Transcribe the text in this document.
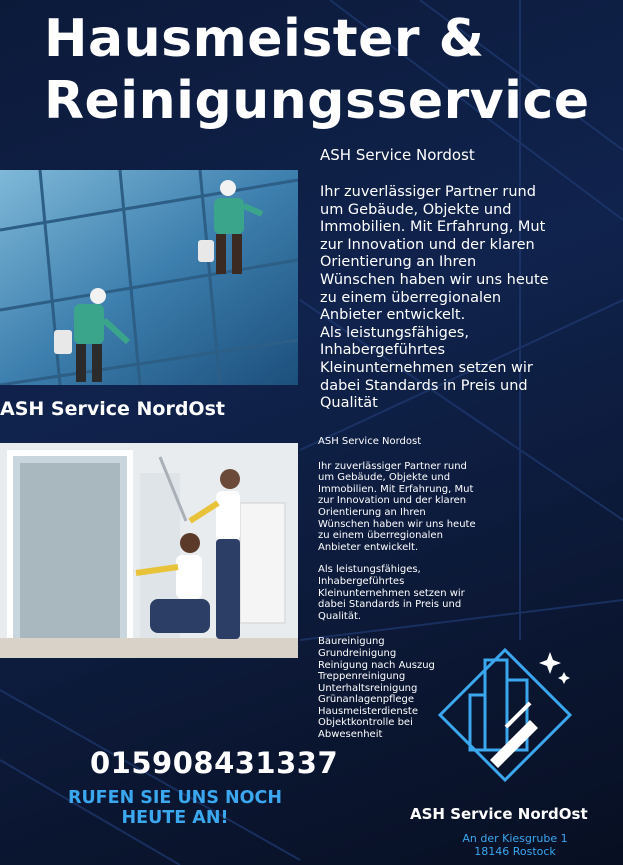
Hausmeister &
Reinigungsservice
ASH Service NordOst
ASH Service Nordost
Ihr zuverlässiger Partner rund
um Gebäude, Objekte und
Immobilien. Mit Erfahrung, Mut
zur Innovation und der klaren
Orientierung an Ihren
Wünschen haben wir uns heute
zu einem überregionalen
Anbieter entwickelt.
Als leistungsfähiges,
Inhabergeführtes
Kleinunternehmen setzen wir
dabei Standards in Preis und
Qualität
ASH Service Nordost
Ihr zuverlässiger Partner rund
um Gebäude, Objekte und
Immobilien. Mit Erfahrung, Mut
zur Innovation und der klaren
Orientierung an Ihren
Wünschen haben wir uns heute
zu einem überregionalen
Anbieter entwickelt.
Als leistungsfähiges,
Inhabergeführtes
Kleinunternehmen setzen wir
dabei Standards in Preis und
Qualität.
Baureinigung
Grundreinigung
Reinigung nach Auszug
Treppenreinigung
Unterhaltsreinigung
Grünanlagenpflege
Hausmeisterdienste
Objektkontrolle bei
Abwesenheit
015908431337
RUFEN SIE UNS NOCH
HEUTE AN!	ASH Service NordOst
An der Kiesgrube 1
18146 Rostock
